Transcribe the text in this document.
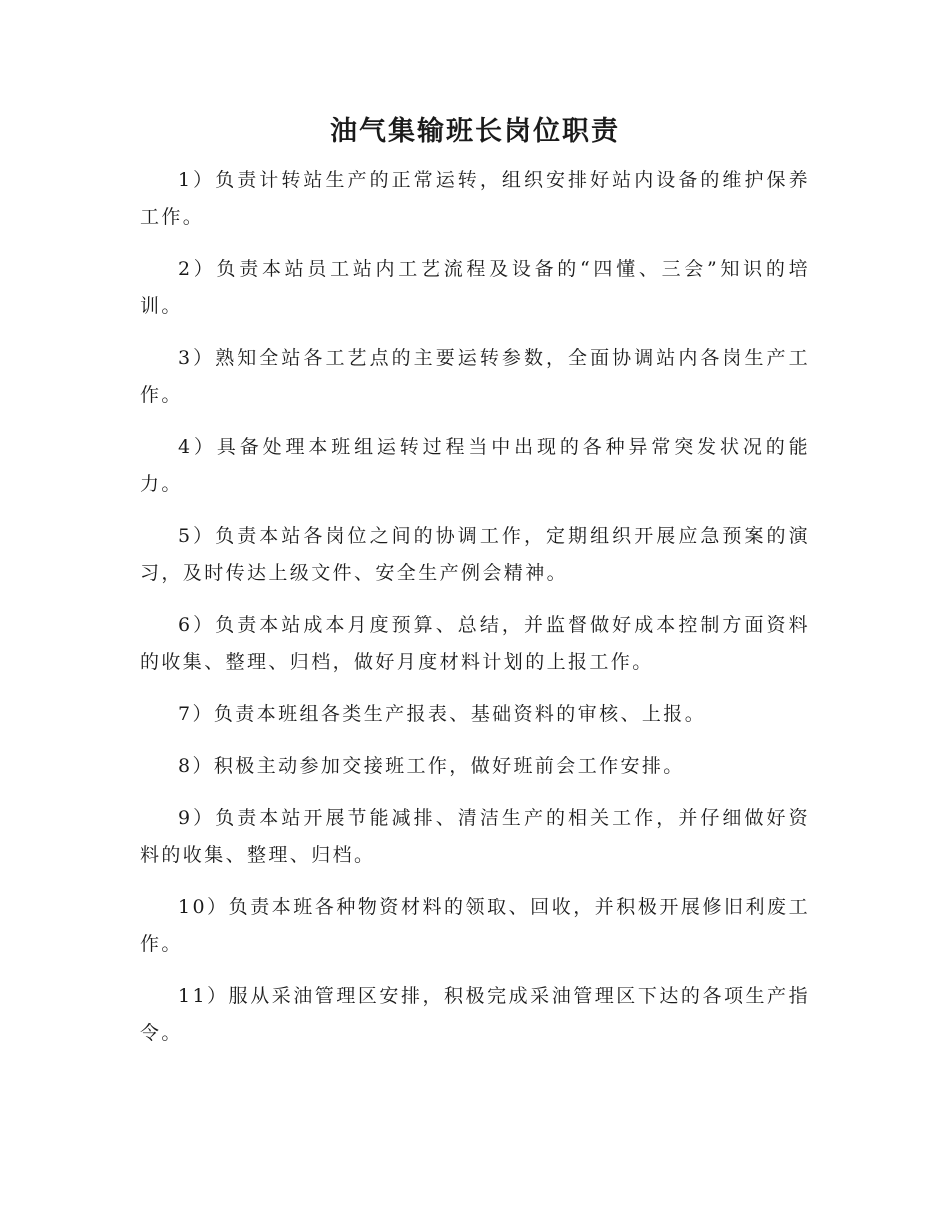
油气集输班长岗位职责
1）负责计转站生产的正常运转，组织安排好站内设备的维护保养工作。
2）负责本站员工站内工艺流程及设备的“四懂、三会”知识的培训。
3）熟知全站各工艺点的主要运转参数，全面协调站内各岗生产工作。
4）具备处理本班组运转过程当中出现的各种异常突发状况的能力。
5）负责本站各岗位之间的协调工作，定期组织开展应急预案的演习，及时传达上级文件、安全生产例会精神。
6）负责本站成本月度预算、总结，并监督做好成本控制方面资料的收集、整理、归档，做好月度材料计划的上报工作。
7）负责本班组各类生产报表、基础资料的审核、上报。
8）积极主动参加交接班工作，做好班前会工作安排。
9）负责本站开展节能减排、清洁生产的相关工作，并仔细做好资料的收集、整理、归档。
10）负责本班各种物资材料的领取、回收，并积极开展修旧利废工作。
11）服从采油管理区安排，积极完成采油管理区下达的各项生产指令。
